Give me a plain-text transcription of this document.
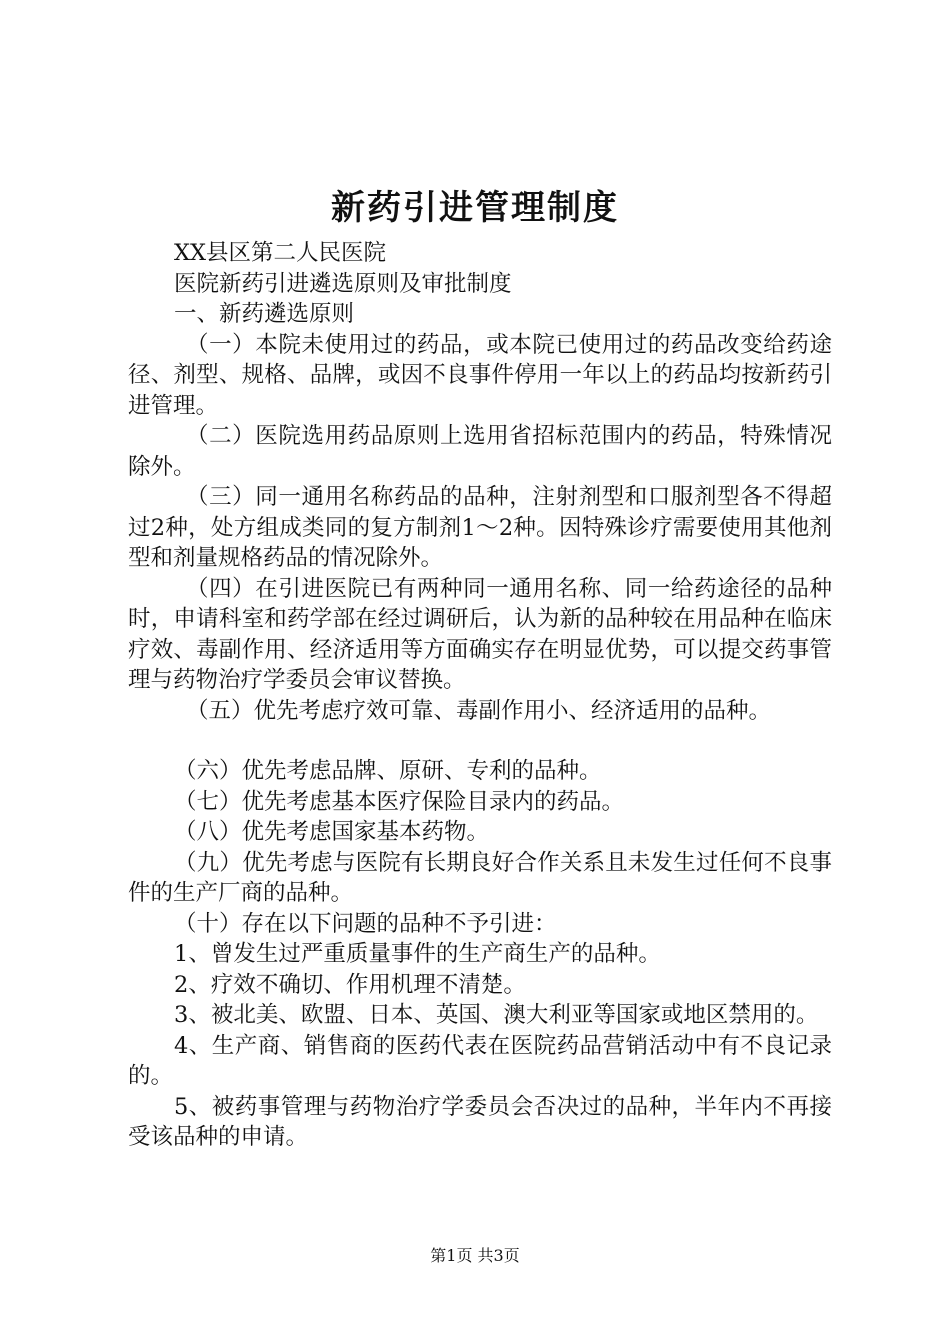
新药引进管理制度

XX县区第二人民医院

医院新药引进遴选原则及审批制度

一、新药遴选原则

（一）本院未使用过的药品，或本院已使用过的药品改变给药途径、剂型、规格、品牌，或因不良事件停用一年以上的药品均按新药引进管理。

（二）医院选用药品原则上选用省招标范围内的药品，特殊情况除外。

（三）同一通用名称药品的品种，注射剂型和口服剂型各不得超过2种，处方组成类同的复方制剂1～2种。因特殊诊疗需要使用其他剂型和剂量规格药品的情况除外。

（四）在引进医院已有两种同一通用名称、同一给药途径的品种时，申请科室和药学部在经过调研后，认为新的品种较在用品种在临床疗效、毒副作用、经济适用等方面确实存在明显优势，可以提交药事管理与药物治疗学委员会审议替换。

（五）优先考虑疗效可靠、毒副作用小、经济适用的品种。

（六）优先考虑品牌、原研、专利的品种。

（七）优先考虑基本医疗保险目录内的药品。

（八）优先考虑国家基本药物。

（九）优先考虑与医院有长期良好合作关系且未发生过任何不良事件的生产厂商的品种。

（十）存在以下问题的品种不予引进：

1、曾发生过严重质量事件的生产商生产的品种。

2、疗效不确切、作用机理不清楚。

3、被北美、欧盟、日本、英国、澳大利亚等国家或地区禁用的。

4、生产商、销售商的医药代表在医院药品营销活动中有不良记录的。

5、被药事管理与药物治疗学委员会否决过的品种，半年内不再接受该品种的申请。

第1页 共3页
